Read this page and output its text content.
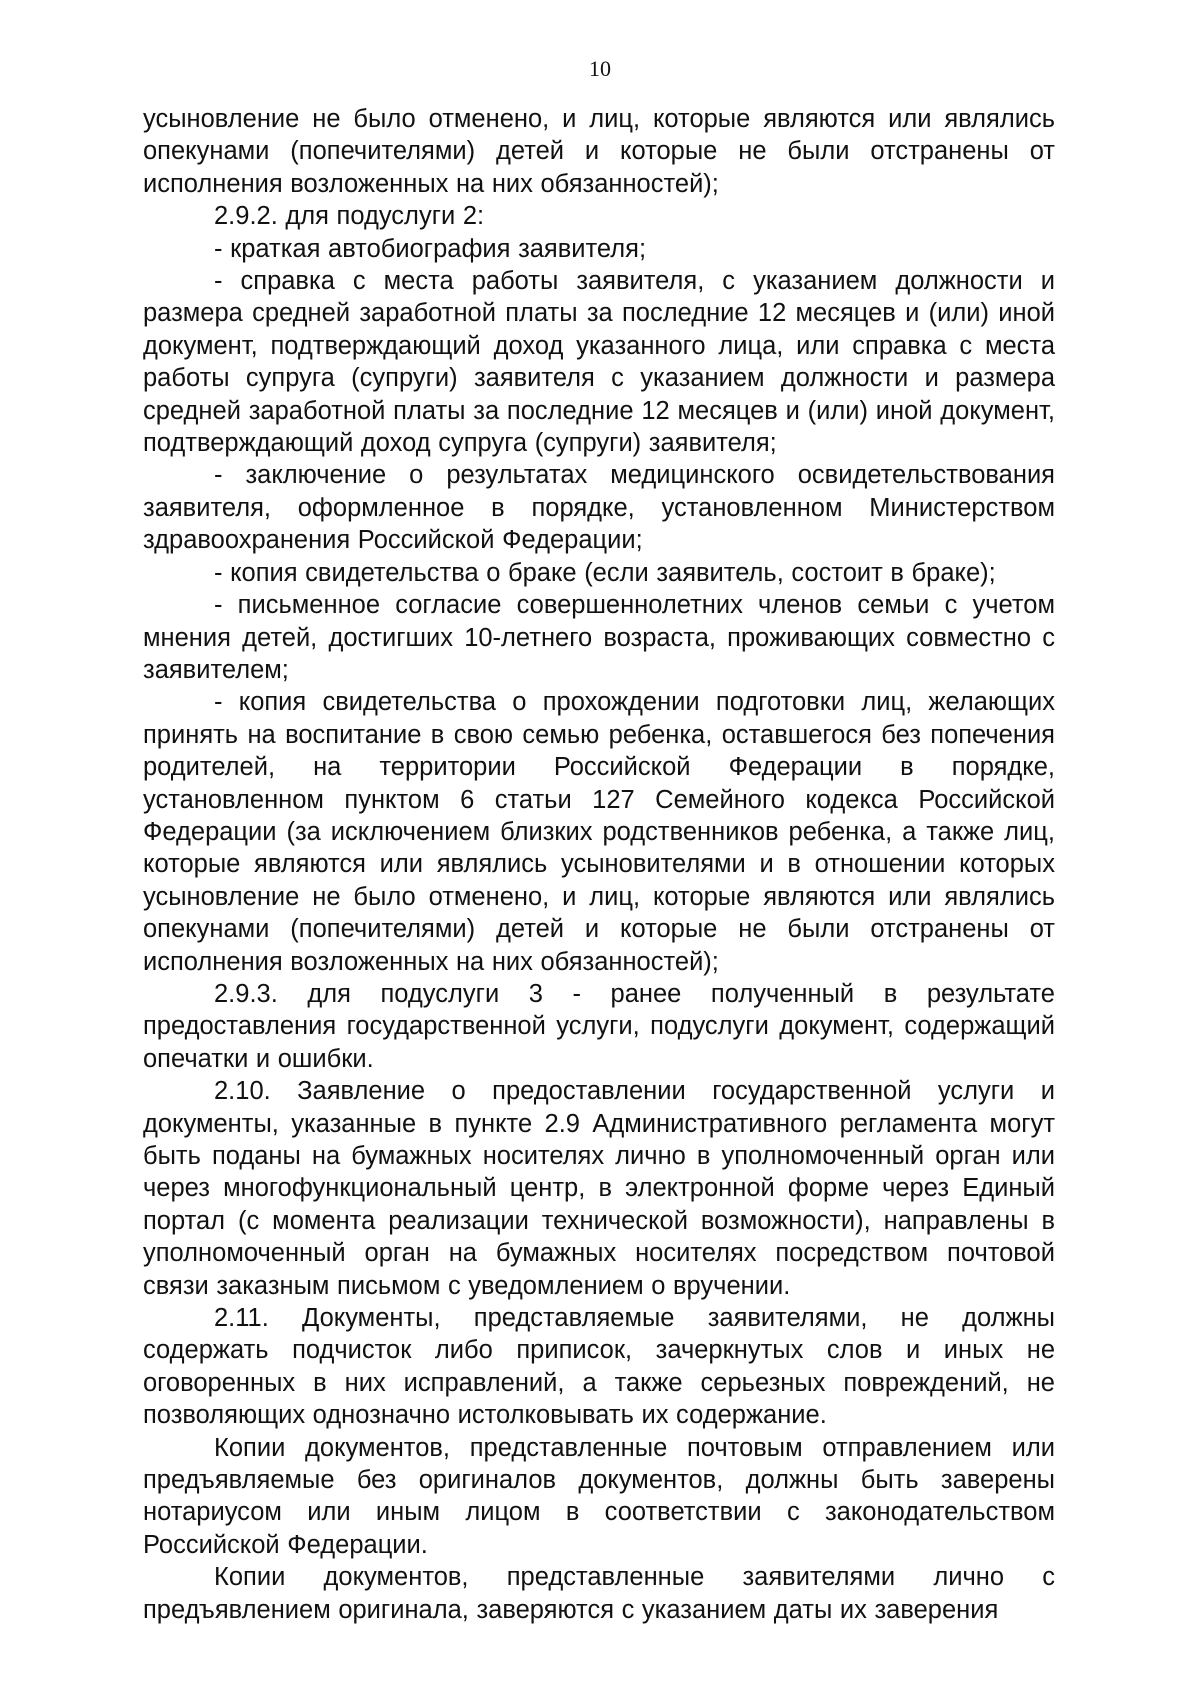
10

усыновление не было отменено, и лиц, которые являются или являлись опекунами (попечителями) детей и которые не были отстранены от исполнения возложенных на них обязанностей);

2.9.2. для подуслуги 2:

- краткая автобиография заявителя;

- справка с места работы заявителя, с указанием должности и размера средней заработной платы за последние 12 месяцев и (или) иной документ, подтверждающий доход указанного лица, или справка с места работы супруга (супруги) заявителя с указанием должности и размера средней заработной платы за последние 12 месяцев и (или) иной документ, подтверждающий доход супруга (супруги) заявителя;

- заключение о результатах медицинского освидетельствования заявителя, оформленное в порядке, установленном Министерством здравоохранения Российской Федерации;

- копия свидетельства о браке (если заявитель, состоит в браке);

- письменное согласие совершеннолетних членов семьи с учетом мнения детей, достигших 10-летнего возраста, проживающих совместно с заявителем;

- копия свидетельства о прохождении подготовки лиц, желающих принять на воспитание в свою семью ребенка, оставшегося без попечения родителей, на территории Российской Федерации в порядке, установленном пунктом 6 статьи 127 Семейного кодекса Российской Федерации (за исключением близких родственников ребенка, а также лиц, которые являются или являлись усыновителями и в отношении которых усыновление не было отменено, и лиц, которые являются или являлись опекунами (попечителями) детей и которые не были отстранены от исполнения возложенных на них обязанностей);

2.9.3. для подуслуги 3 - ранее полученный в результате предоставления государственной услуги, подуслуги документ, содержащий опечатки и ошибки.

2.10. Заявление о предоставлении государственной услуги и документы, указанные в пункте 2.9 Административного регламента могут быть поданы на бумажных носителях лично в уполномоченный орган или через многофункциональный центр, в электронной форме через Единый портал (с момента реализации технической возможности), направлены в уполномоченный орган на бумажных носителях посредством почтовой связи заказным письмом с уведомлением о вручении.

2.11. Документы, представляемые заявителями, не должны содержать подчисток либо приписок, зачеркнутых слов и иных не оговоренных в них исправлений, а также серьезных повреждений, не позволяющих однозначно истолковывать их содержание.

Копии документов, представленные почтовым отправлением или предъявляемые без оригиналов документов, должны быть заверены нотариусом или иным лицом в соответствии с законодательством Российской Федерации.

Копии документов, представленные заявителями лично с предъявлением оригинала, заверяются с указанием даты их заверения
